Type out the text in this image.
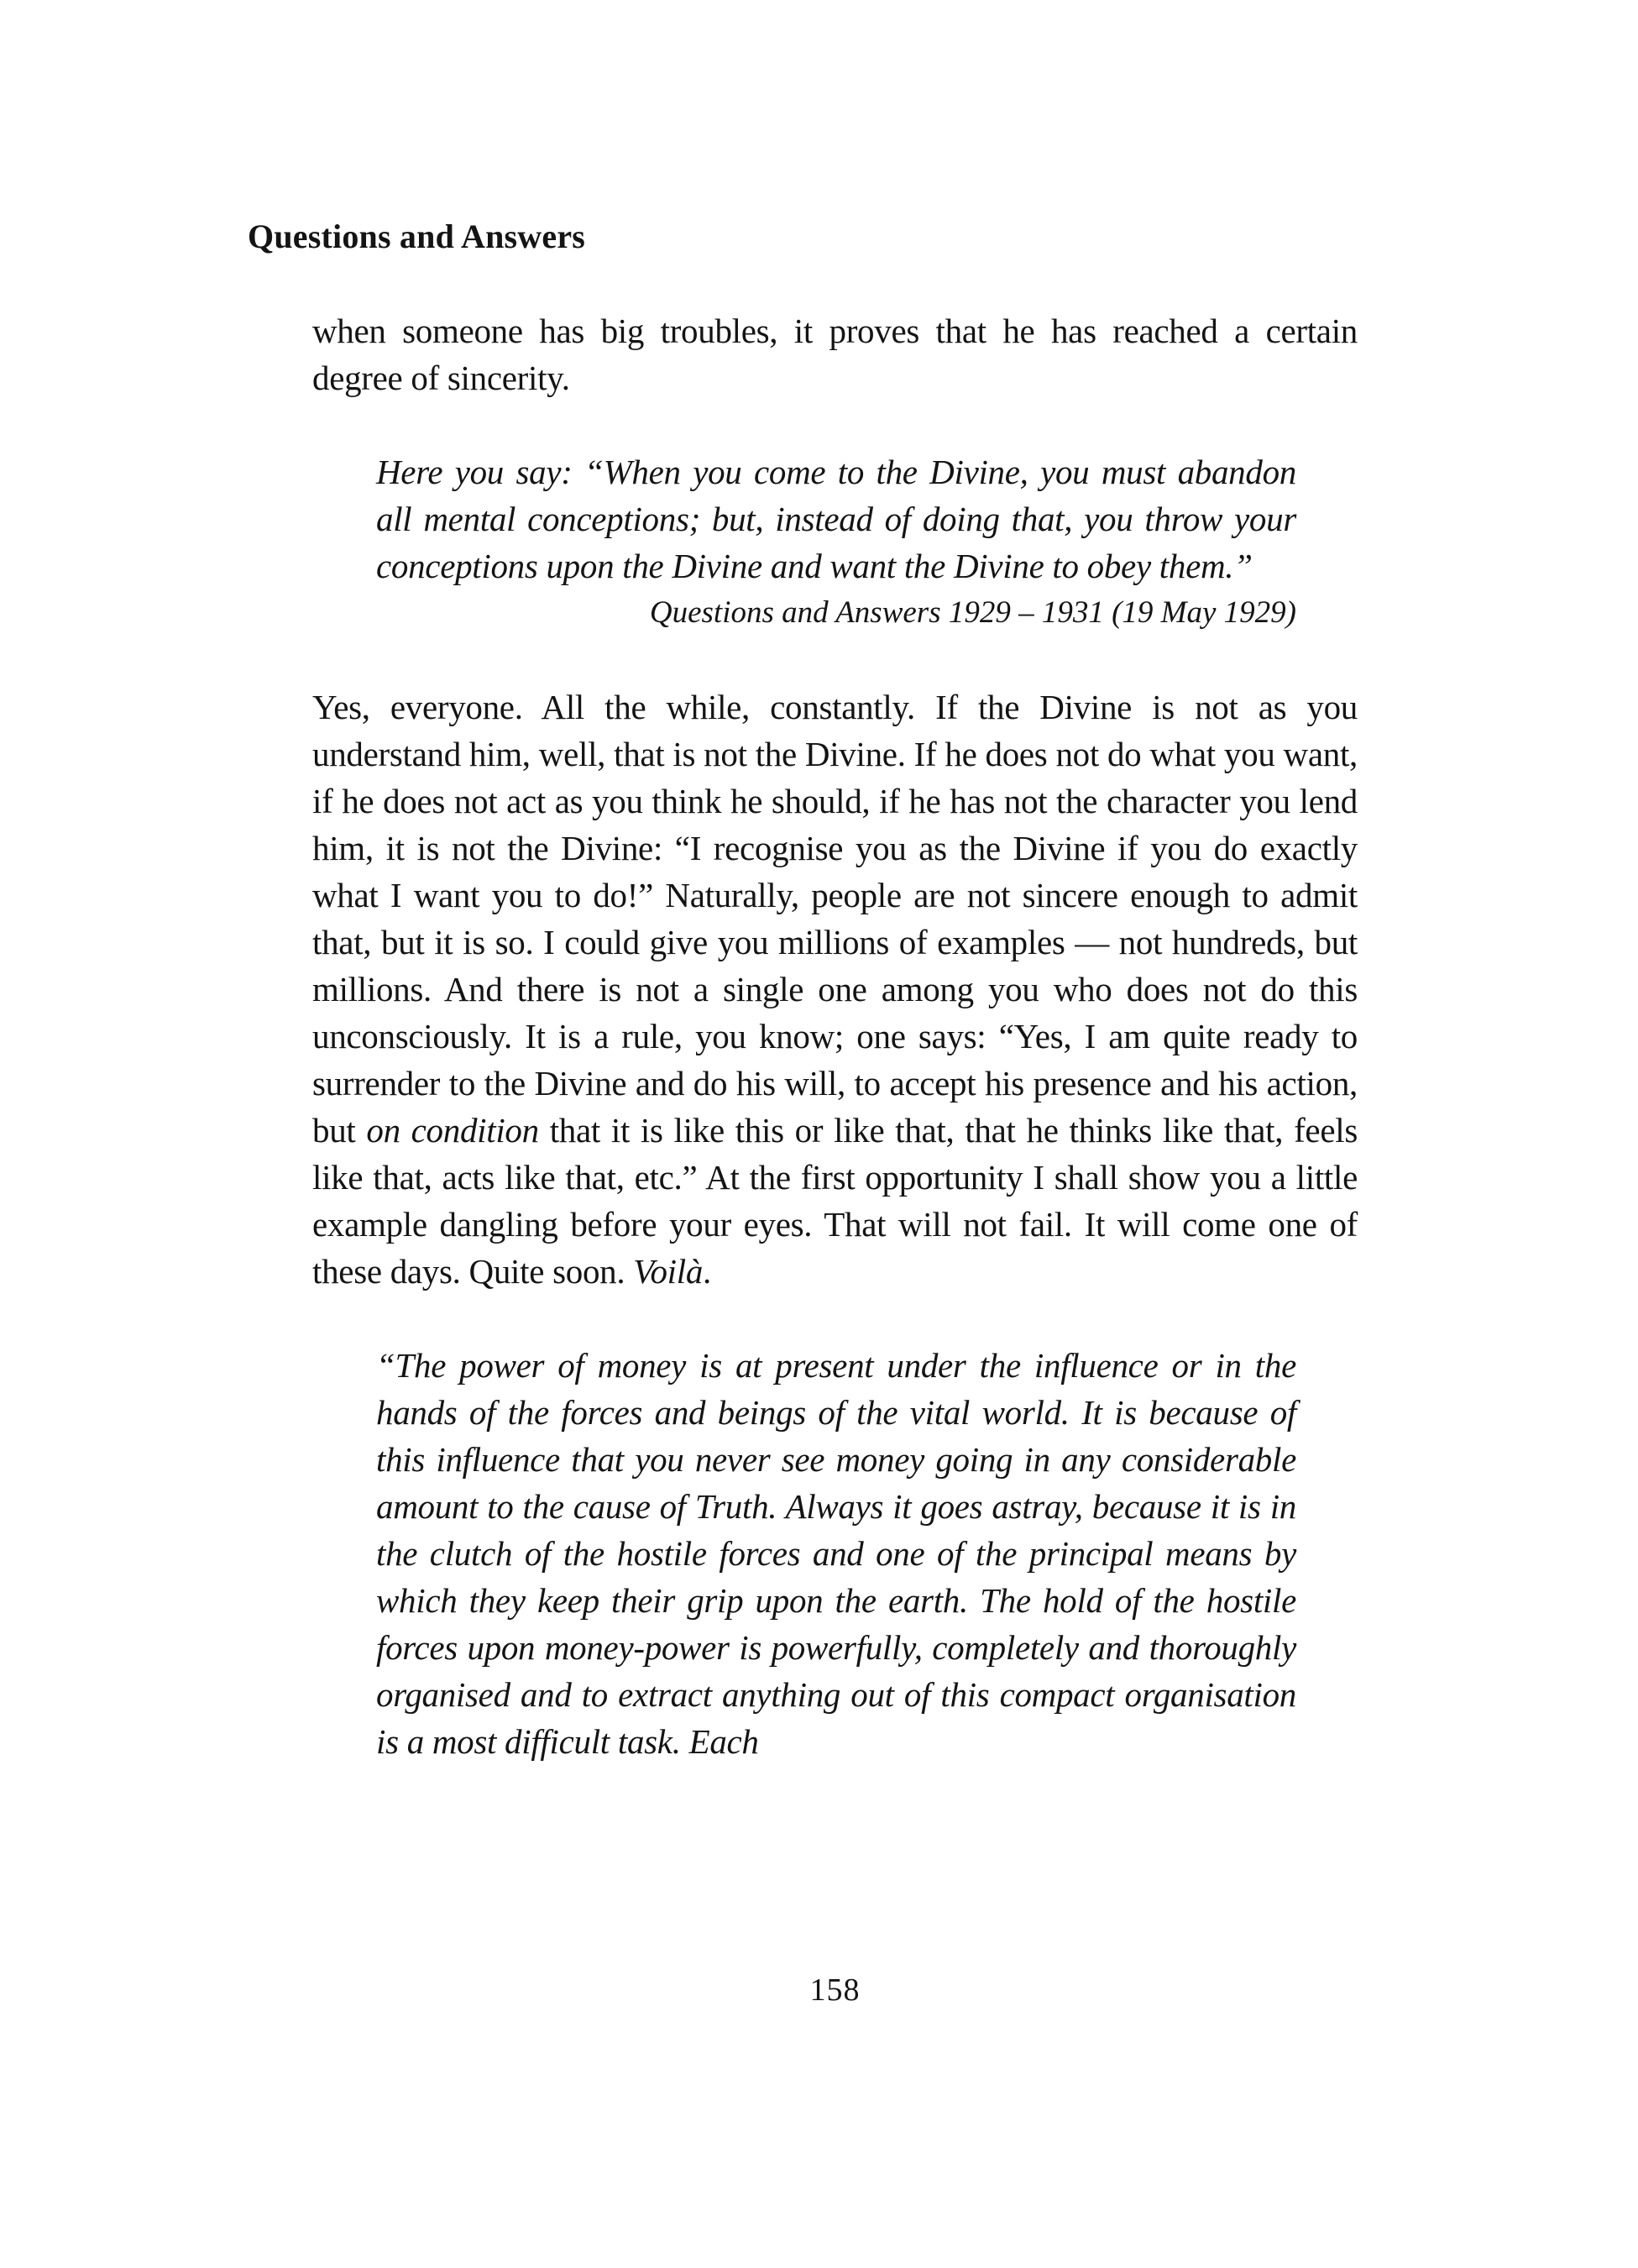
Questions and Answers

when someone has big troubles, it proves that he has reached a certain degree of sincerity.

Here you say: “When you come to the Divine, you must abandon all mental conceptions; but, instead of doing that, you throw your conceptions upon the Divine and want the Divine to obey them.”

Questions and Answers 1929 – 1931 (19 May 1929)

Yes, everyone. All the while, constantly. If the Divine is not as you understand him, well, that is not the Divine. If he does not do what you want, if he does not act as you think he should, if he has not the character you lend him, it is not the Divine: “I recognise you as the Divine if you do exactly what I want you to do!” Naturally, people are not sincere enough to admit that, but it is so. I could give you millions of examples — not hundreds, but millions. And there is not a single one among you who does not do this unconsciously. It is a rule, you know; one says: “Yes, I am quite ready to surrender to the Divine and do his will, to accept his presence and his action, but on condition that it is like this or like that, that he thinks like that, feels like that, acts like that, etc.” At the first opportunity I shall show you a little example dangling before your eyes. That will not fail. It will come one of these days. Quite soon. Voilà.

“The power of money is at present under the influence or in the hands of the forces and beings of the vital world. It is because of this influence that you never see money going in any considerable amount to the cause of Truth. Always it goes astray, because it is in the clutch of the hostile forces and one of the principal means by which they keep their grip upon the earth. The hold of the hostile forces upon money-power is powerfully, completely and thoroughly organised and to extract anything out of this compact organisation is a most difficult task. Each

158
